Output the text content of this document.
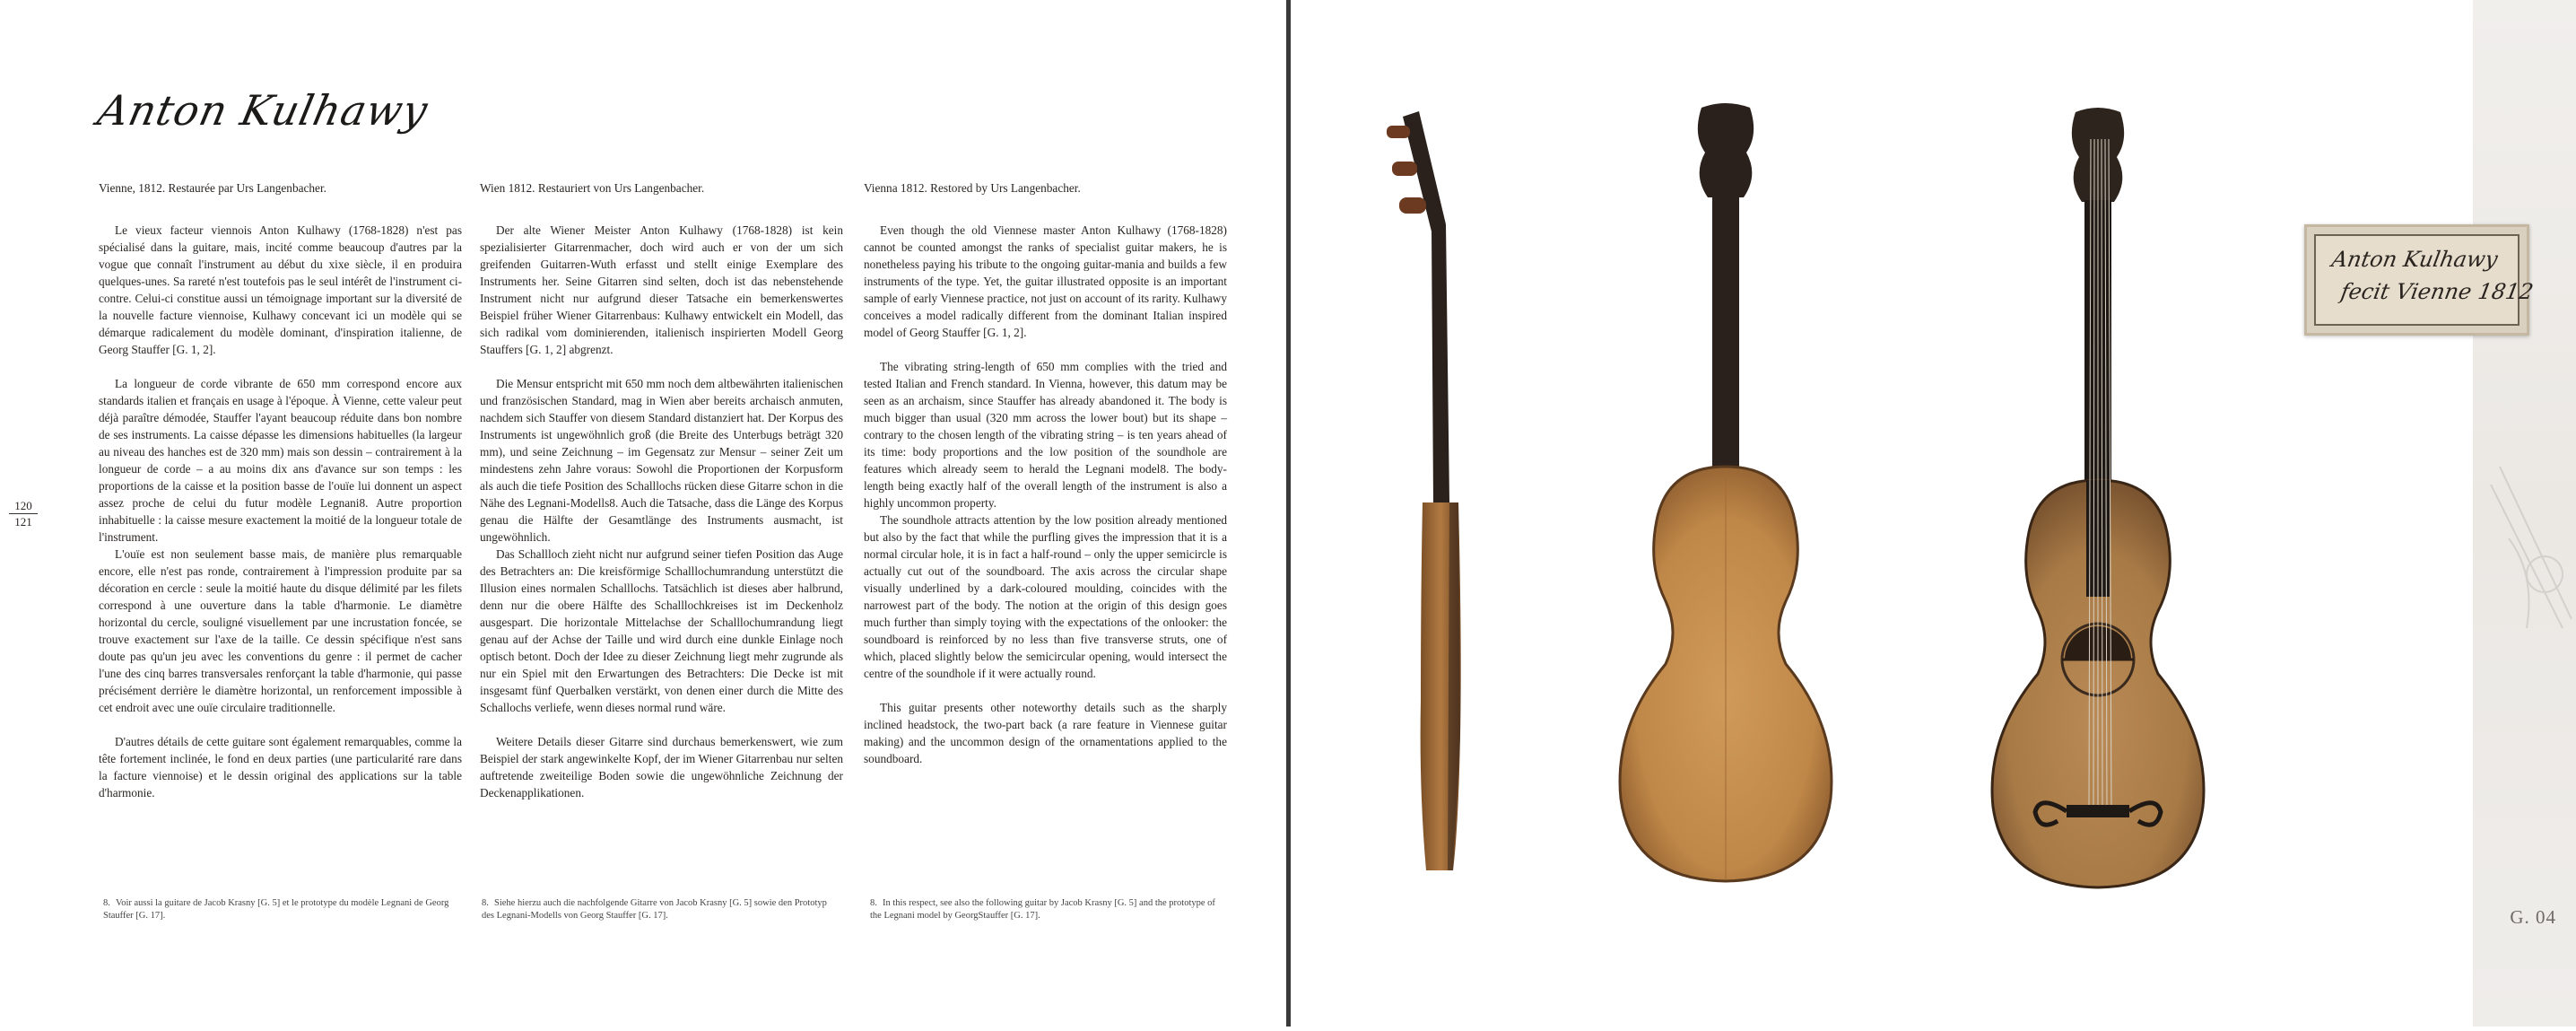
Anton Kulhawy
120
121
Vienne, 1812. Restaurée par Urs Langenbacher.

Le vieux facteur viennois Anton Kulhawy (1768-1828) n'est pas spécialisé dans la guitare, mais, incité comme beaucoup d'autres par la vogue que connaît l'instrument au début du xixe siècle, il en produira quelques-unes. Sa rareté n'est toutefois pas le seul intérêt de l'instrument ci-contre. Celui-ci constitue aussi un témoignage important sur la diversité de la nouvelle facture viennoise, Kulhawy concevant ici un modèle qui se démarque radicalement du modèle dominant, d'inspiration italienne, de Georg Stauffer [G. 1, 2].

La longueur de corde vibrante de 650 mm correspond encore aux standards italien et français en usage à l'époque. À Vienne, cette valeur peut déjà paraître démodée, Stauffer l'ayant beaucoup réduite dans bon nombre de ses instruments. La caisse dépasse les dimensions habituelles (la largeur au niveau des hanches est de 320 mm) mais son dessin – contrairement à la longueur de corde – a au moins dix ans d'avance sur son temps : les proportions de la caisse et la position basse de l'ouïe lui donnent un aspect assez proche de celui du futur modèle Legnani8. Autre proportion inhabituelle : la caisse mesure exactement la moitié de la longueur totale de l'instrument.

L'ouïe est non seulement basse mais, de manière plus remarquable encore, elle n'est pas ronde, contrairement à l'impression produite par sa décoration en cercle : seule la moitié haute du disque délimité par les filets correspond à une ouverture dans la table d'harmonie. Le diamètre horizontal du cercle, souligné visuellement par une incrustation foncée, se trouve exactement sur l'axe de la taille. Ce dessin spécifique n'est sans doute pas qu'un jeu avec les conventions du genre : il permet de cacher l'une des cinq barres transversales renforçant la table d'harmonie, qui passe précisément derrière le diamètre horizontal, un renforcement impossible à cet endroit avec une ouïe circulaire traditionnelle.

D'autres détails de cette guitare sont également remarquables, comme la tête fortement inclinée, le fond en deux parties (une particularité rare dans la facture viennoise) et le dessin original des applications sur la table d'harmonie.

Wien 1812. Restauriert von Urs Langenbacher.

Der alte Wiener Meister Anton Kulhawy (1768-1828) ist kein spezialisierter Gitarrenmacher, doch wird auch er von der um sich greifenden Guitarren-Wuth erfasst und stellt einige Exemplare des Instruments her. Seine Gitarren sind selten, doch ist das nebenstehende Instrument nicht nur aufgrund dieser Tatsache ein bemerkenswertes Beispiel früher Wiener Gitarrenbaus: Kulhawy entwickelt ein Modell, das sich radikal vom dominierenden, italienisch inspirierten Modell Georg Stauffers [G. 1, 2] abgrenzt.

Die Mensur entspricht mit 650 mm noch dem altbewährten italienischen und französischen Standard, mag in Wien aber bereits archaisch anmuten, nachdem sich Stauffer von diesem Standard distanziert hat. Der Korpus des Instruments ist ungewöhnlich groß (die Breite des Unterbugs beträgt 320 mm), und seine Zeichnung – im Gegensatz zur Mensur – seiner Zeit um mindestens zehn Jahre voraus: Sowohl die Proportionen der Korpusform als auch die tiefe Position des Schalllochs rücken diese Gitarre schon in die Nähe des Legnani-Modells8. Auch die Tatsache, dass die Länge des Korpus genau die Hälfte der Gesamtlänge des Instruments ausmacht, ist ungewöhnlich.

Das Schallloch zieht nicht nur aufgrund seiner tiefen Position das Auge des Betrachters an: Die kreisförmige Schalllochumrandung unterstützt die Illusion eines normalen Schalllochs. Tatsächlich ist dieses aber halbrund, denn nur die obere Hälfte des Schalllochkreises ist im Deckenholz ausgespart. Die horizontale Mittelachse der Schalllochumrandung liegt genau auf der Achse der Taille und wird durch eine dunkle Einlage noch optisch betont. Doch der Idee zu dieser Zeichnung liegt mehr zugrunde als nur ein Spiel mit den Erwartungen des Betrachters: Die Decke ist mit insgesamt fünf Querbalken verstärkt, von denen einer durch die Mitte des Schallochs verliefe, wenn dieses normal rund wäre.

Weitere Details dieser Gitarre sind durchaus bemerkenswert, wie zum Beispiel der stark angewinkelte Kopf, der im Wiener Gitarrenbau nur selten auftretende zweiteilige Boden sowie die ungewöhnliche Zeichnung der Deckenapplikationen.

Vienna 1812. Restored by Urs Langenbacher.

Even though the old Viennese master Anton Kulhawy (1768-1828) cannot be counted amongst the ranks of specialist guitar makers, he is nonetheless paying his tribute to the ongoing guitar-mania and builds a few instruments of the type. Yet, the guitar illustrated opposite is an important sample of early Viennese practice, not just on account of its rarity. Kulhawy conceives a model radically different from the dominant Italian inspired model of Georg Stauffer [G. 1, 2].

The vibrating string-length of 650 mm complies with the tried and tested Italian and French standard. In Vienna, however, this datum may be seen as an archaism, since Stauffer has already abandoned it. The body is much bigger than usual (320 mm across the lower bout) but its shape – contrary to the chosen length of the vibrating string – is ten years ahead of its time: body proportions and the low position of the soundhole are features which already seem to herald the Legnani model8. The body-length being exactly half of the overall length of the instrument is also a highly uncommon property.

The soundhole attracts attention by the low position already mentioned but also by the fact that while the purfling gives the impression that it is a normal circular hole, it is in fact a half-round – only the upper semicircle is actually cut out of the soundboard. The axis across the circular shape visually underlined by a dark-coloured moulding, coincides with the narrowest part of the body. The notion at the origin of this design goes much further than simply toying with the expectations of the onlooker: the soundboard is reinforced by no less than five transverse struts, one of which, placed slightly below the semicircular opening, would intersect the centre of the soundhole if it were actually round.

This guitar presents other noteworthy details such as the sharply inclined headstock, the two-part back (a rare feature in Viennese guitar making) and the uncommon design of the ornamentations applied to the soundboard.

8. Voir aussi la guitare de Jacob Krasny [G. 5] et le prototype du modèle Legnani de Georg Stauffer [G. 17].
8. Siehe hierzu auch die nachfolgende Gitarre von Jacob Krasny [G. 5] sowie den Prototyp des Legnani-Modells von Georg Stauffer [G. 17].
8. In this respect, see also the following guitar by Jacob Krasny [G. 5] and the prototype of the Legnani model by GeorgStauffer [G. 17].
Anton Kulhawy
fecit Vienne 1812
G. 04
